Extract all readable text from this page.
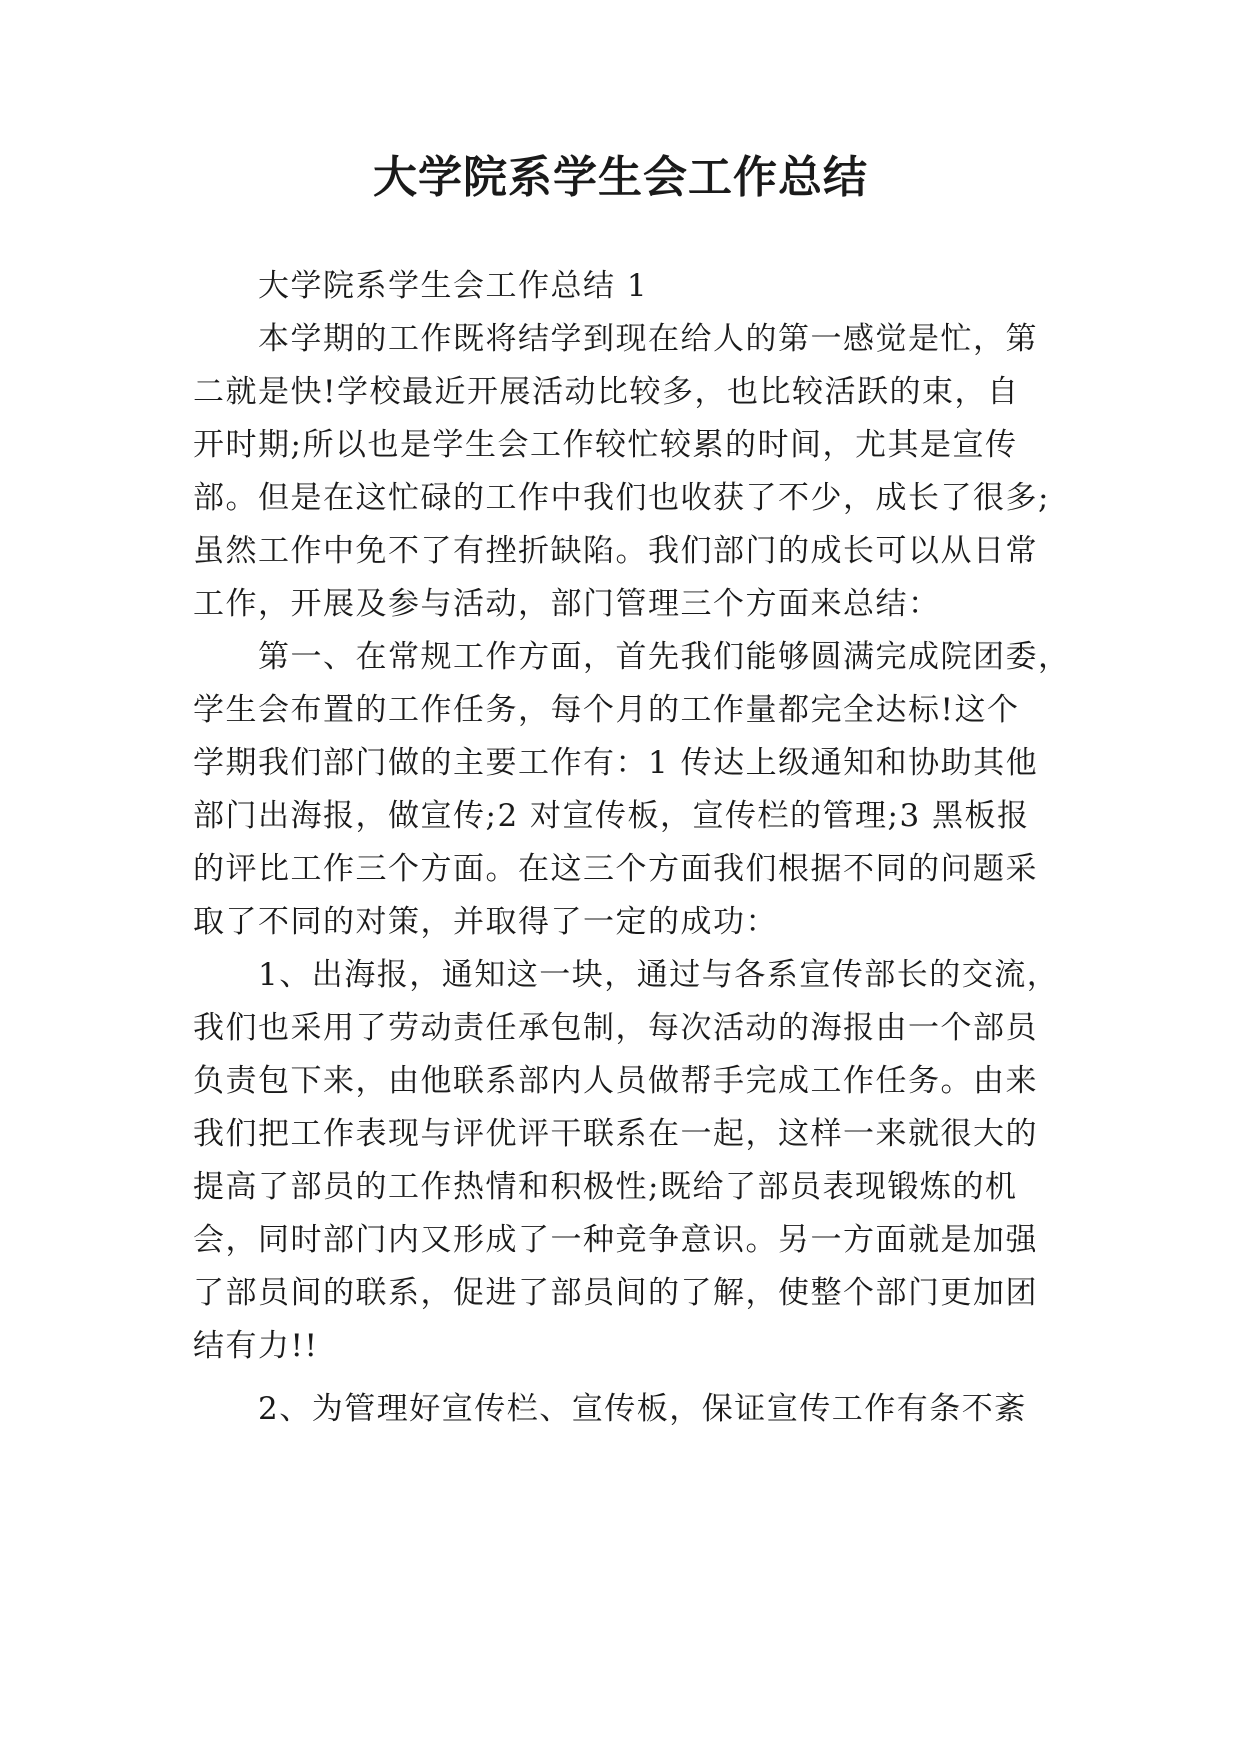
大学院系学生会工作总结
大学院系学生会工作总结 1
本学期的工作既将结学到现在给人的第一感觉是忙，第
二就是快!学校最近开展活动比较多，也比较活跃的束，自
开时期;所以也是学生会工作较忙较累的时间，尤其是宣传
部。但是在这忙碌的工作中我们也收获了不少，成长了很多;
虽然工作中免不了有挫折缺陷。我们部门的成长可以从日常
工作，开展及参与活动，部门管理三个方面来总结：
第一、在常规工作方面，首先我们能够圆满完成院团委，
学生会布置的工作任务，每个月的工作量都完全达标!这个
学期我们部门做的主要工作有：1 传达上级通知和协助其他
部门出海报，做宣传;2 对宣传板，宣传栏的管理;3 黑板报
的评比工作三个方面。在这三个方面我们根据不同的问题采
取了不同的对策，并取得了一定的成功：
1、出海报，通知这一块，通过与各系宣传部长的交流，
我们也采用了劳动责任承包制，每次活动的海报由一个部员
负责包下来，由他联系部内人员做帮手完成工作任务。由来
我们把工作表现与评优评干联系在一起，这样一来就很大的
提高了部员的工作热情和积极性;既给了部员表现锻炼的机
会，同时部门内又形成了一种竞争意识。另一方面就是加强
了部员间的联系，促进了部员间的了解，使整个部门更加团
结有力!!
2、为管理好宣传栏、宣传板，保证宣传工作有条不紊
